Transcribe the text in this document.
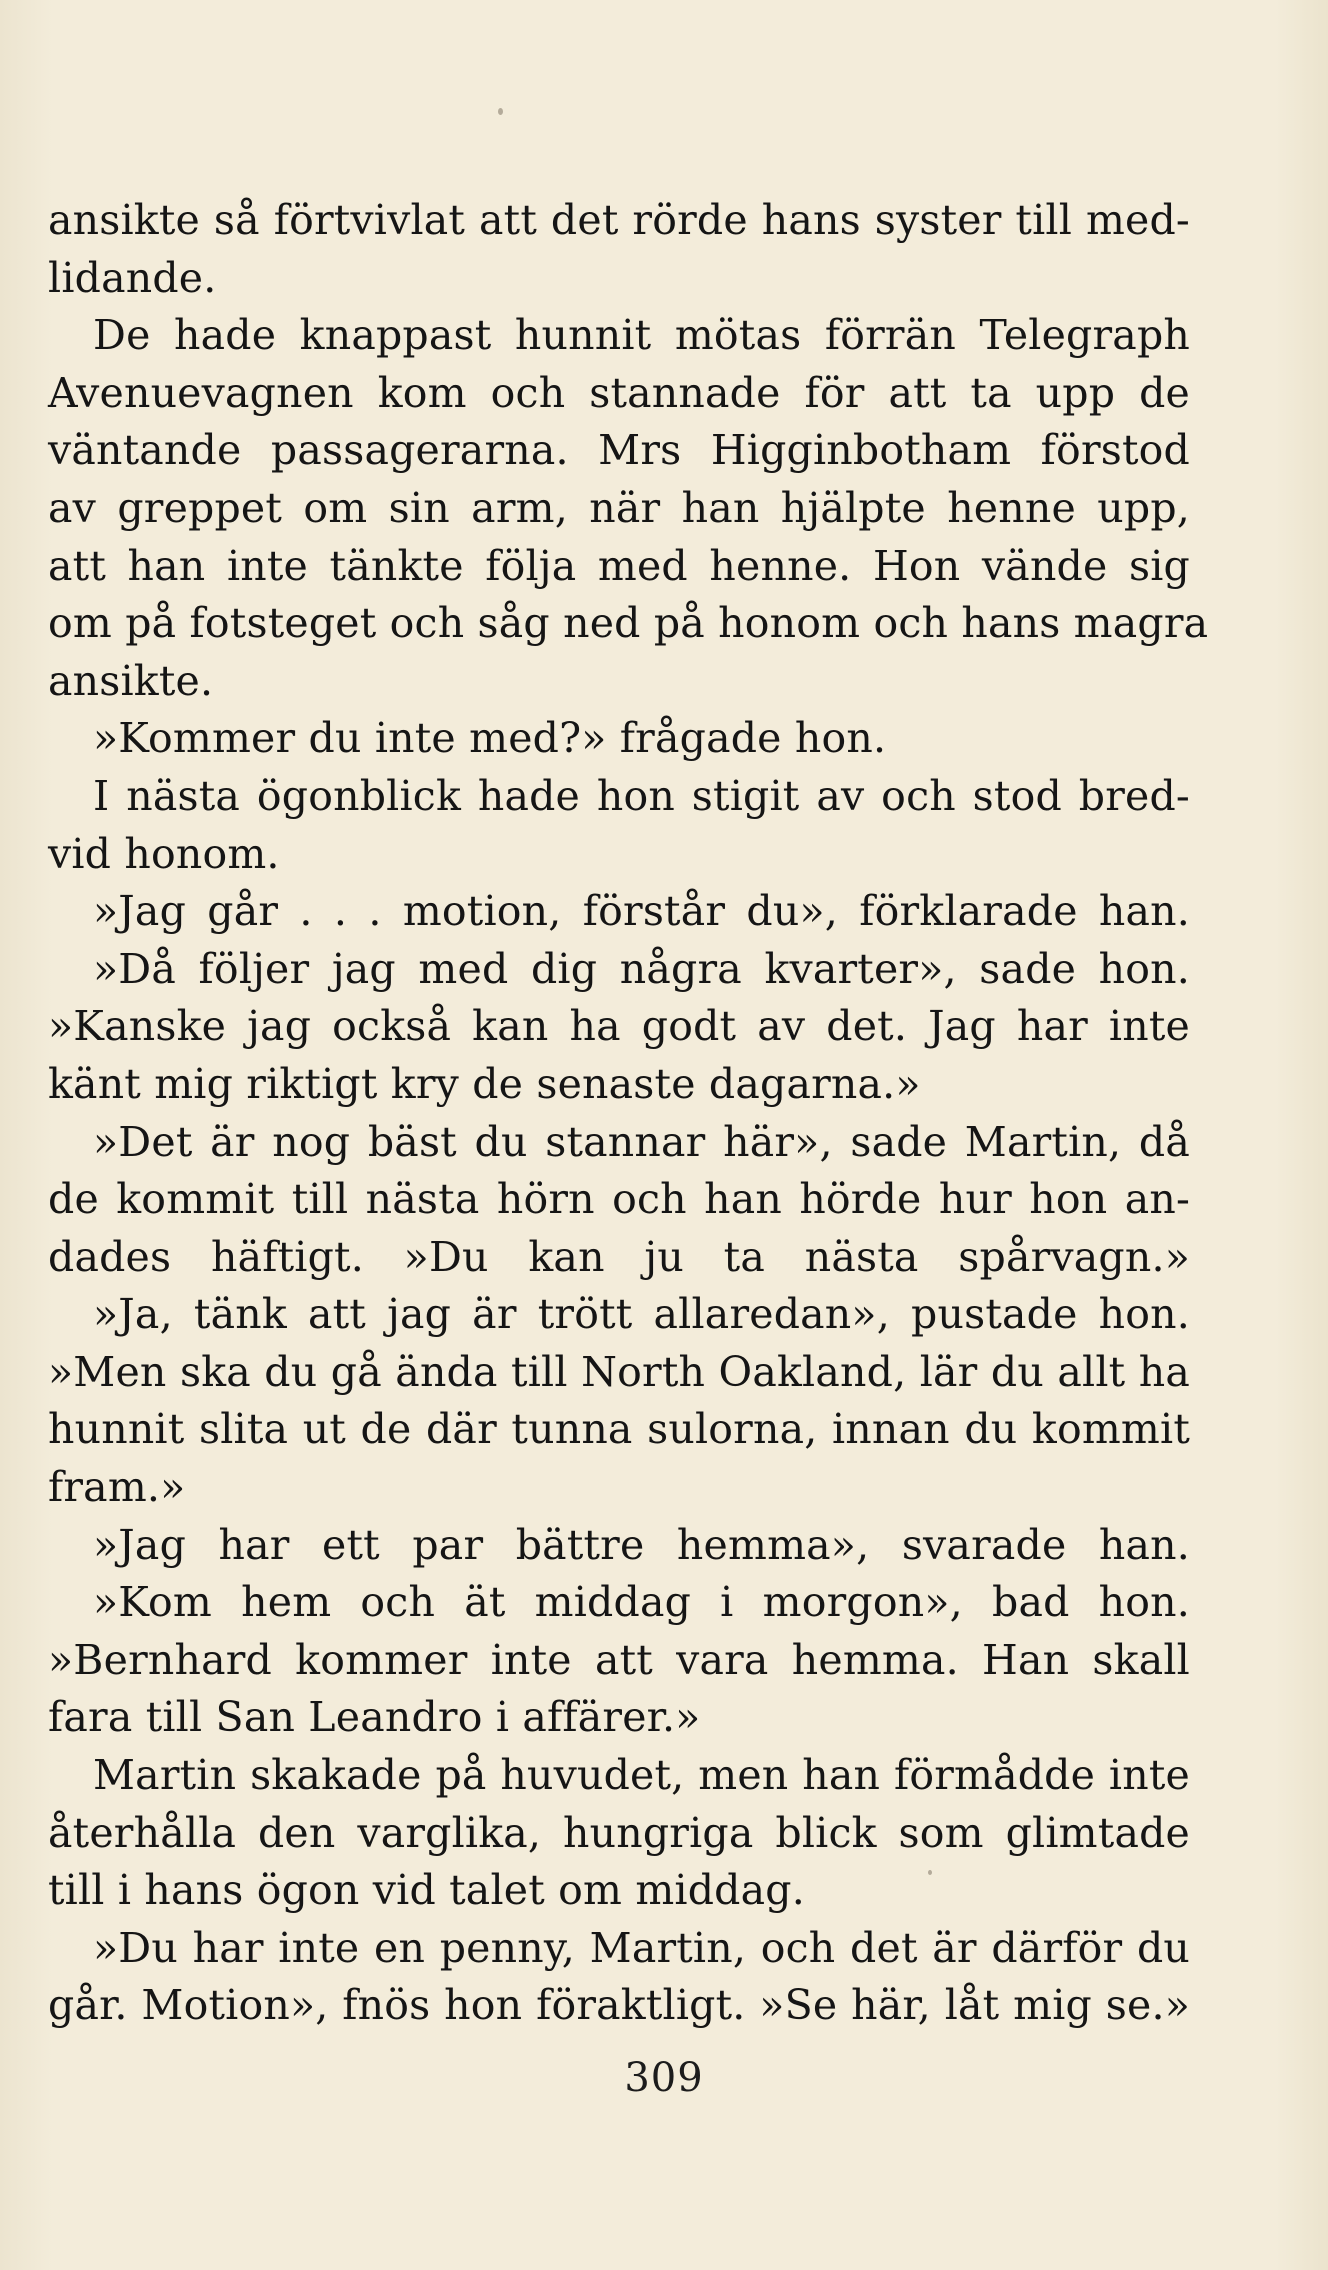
ansikte så förtvivlat att det rörde hans syster till med-
lidande.
De hade knappast hunnit mötas förrän Telegraph
Avenuevagnen kom och stannade för att ta upp de
väntande passagerarna. Mrs Higginbotham förstod
av greppet om sin arm, när han hjälpte henne upp,
att han inte tänkte följa med henne. Hon vände sig
om på fotsteget och såg ned på honom och hans magra
ansikte.
»Kommer du inte med?» frågade hon.
I nästa ögonblick hade hon stigit av och stod bred-
vid honom.
»Jag går . . . motion, förstår du», förklarade han.
»Då följer jag med dig några kvarter», sade hon.
»Kanske jag också kan ha godt av det. Jag har inte
känt mig riktigt kry de senaste dagarna.»
»Det är nog bäst du stannar här», sade Martin, då
de kommit till nästa hörn och han hörde hur hon an-
dades häftigt. »Du kan ju ta nästa spårvagn.»
»Ja, tänk att jag är trött allaredan», pustade hon.
»Men ska du gå ända till North Oakland, lär du allt ha
hunnit slita ut de där tunna sulorna, innan du kommit
fram.»
»Jag har ett par bättre hemma», svarade han.
»Kom hem och ät middag i morgon», bad hon.
»Bernhard kommer inte att vara hemma. Han skall
fara till San Leandro i affärer.»
Martin skakade på huvudet, men han förmådde inte
återhålla den varglika, hungriga blick som glimtade
till i hans ögon vid talet om middag.
»Du har inte en penny, Martin, och det är därför du
går. Motion», fnös hon föraktligt. »Se här, låt mig se.»
309
